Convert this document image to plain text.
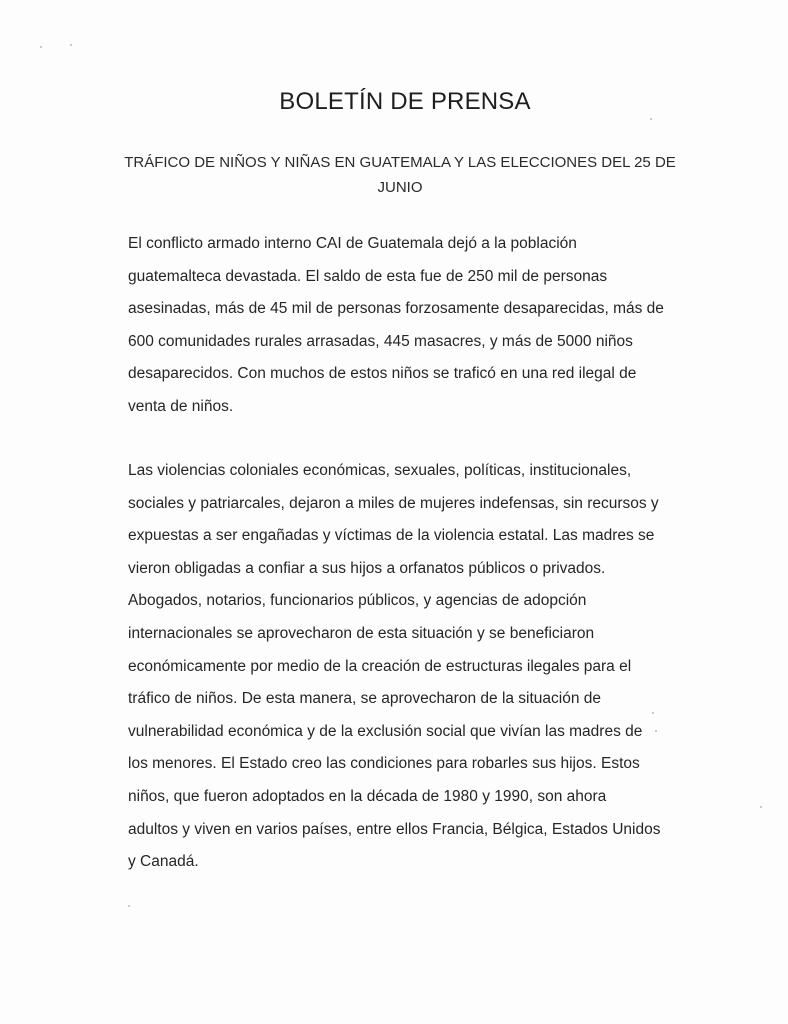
BOLETÍN DE PRENSA
TRÁFICO DE NIÑOS Y NIÑAS EN GUATEMALA Y LAS ELECCIONES DEL 25 DE
JUNIO
El conflicto armado interno CAI de Guatemala dejó a la población
guatemalteca devastada. El saldo de esta fue de 250 mil de personas
asesinadas, más de 45 mil de personas forzosamente desaparecidas, más de
600 comunidades rurales arrasadas, 445 masacres, y más de 5000 niños
desaparecidos. Con muchos de estos niños se traficó en una red ilegal de
venta de niños.
Las violencias coloniales económicas, sexuales, políticas, institucionales,
sociales y patriarcales, dejaron a miles de mujeres indefensas, sin recursos y
expuestas a ser engañadas y víctimas de la violencia estatal. Las madres se
vieron obligadas a confiar a sus hijos a orfanatos públicos o privados.
Abogados, notarios, funcionarios públicos, y agencias de adopción
internacionales se aprovecharon de esta situación y se beneficiaron
económicamente por medio de la creación de estructuras ilegales para el
tráfico de niños. De esta manera, se aprovecharon de la situación de
vulnerabilidad económica y de la exclusión social que vivían las madres de
los menores. El Estado creo las condiciones para robarles sus hijos. Estos
niños, que fueron adoptados en la década de 1980 y 1990, son ahora
adultos y viven en varios países, entre ellos Francia, Bélgica, Estados Unidos
y Canadá.
